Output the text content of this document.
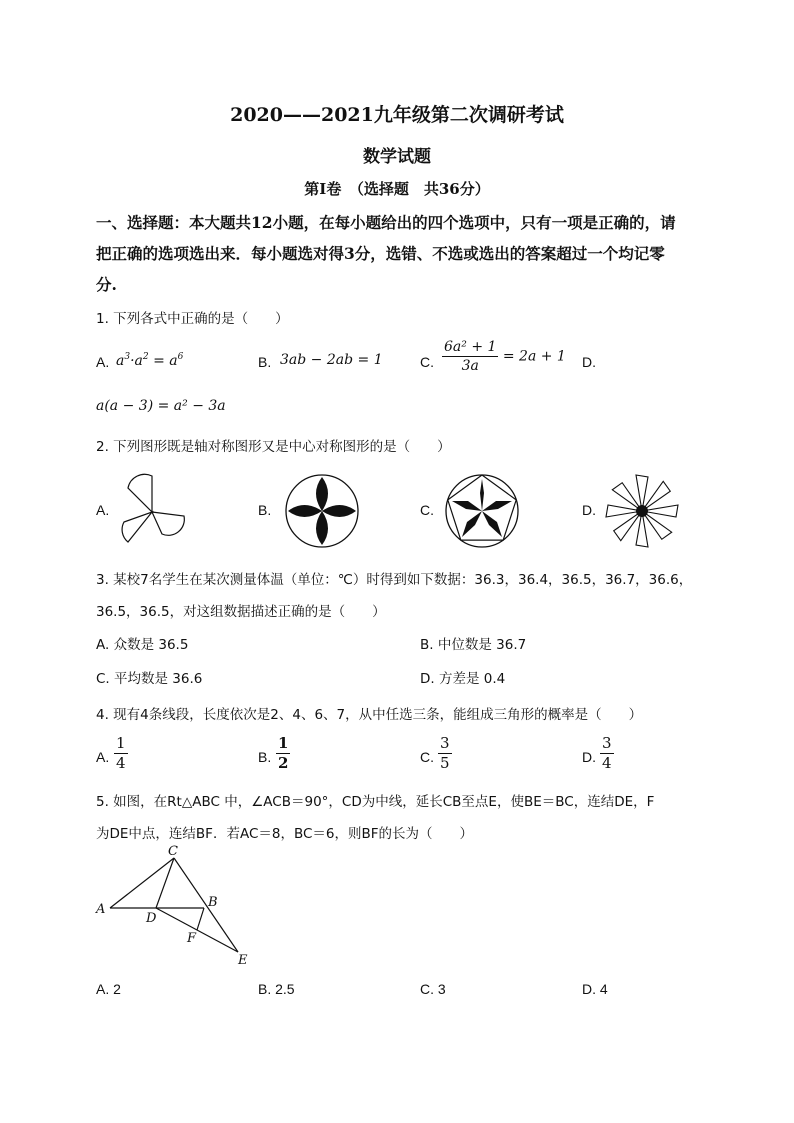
2020——2021九年级第二次调研考试
数学试题
第Ⅰ卷　（选择题　共36分）
一、选择题：本大题共12小题，在每小题给出的四个选项中，只有一项是正确的，请
把正确的选项选出来．每小题选对得3分，选错、不选或选出的答案超过一个均记零
分.
1. 下列各式中正确的是（　　）
A. $a^3\cdot a^2 = a^6$	B. 3ab − 2ab = 1	C. $\frac{\text{6a² + 1}}{3a} = 2a + 1$ D.
a(a − 3) = a² − 3a
2. 下列图形既是轴对称图形又是中心对称图形的是（　　）
A.	B.	C.	D.
3. 某校7名学生在某次测量体温（单位：℃）时得到如下数据：36.3，36.4，36.5，36.7，36.6，
36.5，36.5，对这组数据描述正确的是（　　）
A. 众数是 36.5	B. 中位数是 36.7
C. 平均数是 36.6	D. 方差是 0.4
4. 现有4条线段，长度依次是2、4、6、7，从中任选三条，能组成三角形的概率是（　　）
A. $\frac{1}{4}$	B. $\frac{1}{2}$	C. $\frac{3}{5}$	D. $\frac{3}{4}$
5. 如图，在Rt△ABC 中，∠ACB＝90°，CD为中线，延长CB至点E，使BE＝BC，连结DE，F
为DE中点，连结BF．若AC＝8，BC＝6，则BF的长为（　　）
C
A	B
D
F
E
A. 2	B. 2.5	C. 3	D. 4
